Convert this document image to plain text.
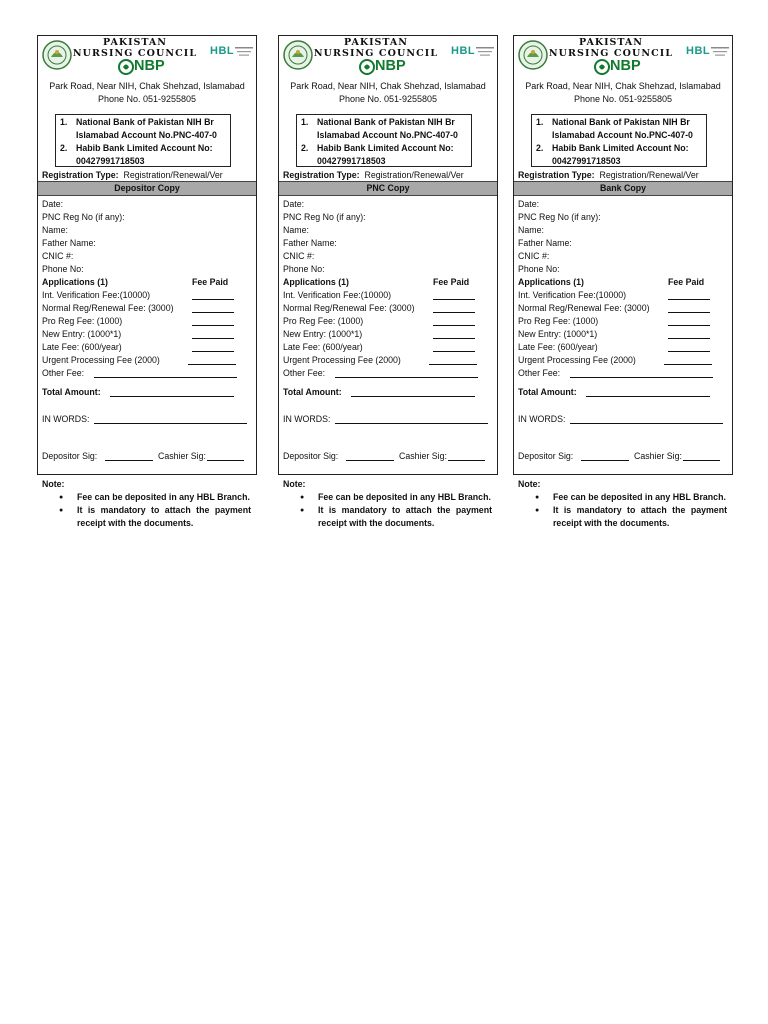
PAKISTAN
NURSING COUNCIL HBL
NBP
Park Road, Near NIH, Chak Shehzad, Islamabad
Phone No. 051-9255805
1. National Bank of Pakistan NIH Br Islamabad Account No.PNC-407-0
2. Habib Bank Limited Account No: 00427991718503
Registration Type: Registration/Renewal/Ver
Depositor Copy
Date:
PNC Reg No (if any):
Name:
Father Name:
CNIC #:
Phone No:
Applications (1)	Fee Paid
Int. Verification Fee:(10000)
Normal Reg/Renewal Fee: (3000)
Pro Reg Fee: (1000)
New Entry: (1000*1)
Late Fee: (600/year)
Urgent Processing Fee (2000)
Other Fee:
Total Amount:
IN WORDS:
Depositor Sig:	Cashier Sig:
Note:
● Fee can be deposited in any HBL Branch.
● It is mandatory to attach the payment receipt with the documents.
PAKISTAN
NURSING COUNCIL HBL
NBP
Park Road, Near NIH, Chak Shehzad, Islamabad
Phone No. 051-9255805
1. National Bank of Pakistan NIH Br Islamabad Account No.PNC-407-0
2. Habib Bank Limited Account No: 00427991718503
Registration Type: Registration/Renewal/Ver
PNC Copy
Date:
PNC Reg No (if any):
Name:
Father Name:
CNIC #:
Phone No:
Applications (1)	Fee Paid
Int. Verification Fee:(10000)
Normal Reg/Renewal Fee: (3000)
Pro Reg Fee: (1000)
New Entry: (1000*1)
Late Fee: (600/year)
Urgent Processing Fee (2000)
Other Fee:
Total Amount:
IN WORDS:
Depositor Sig:	Cashier Sig:
Note:
● Fee can be deposited in any HBL Branch.
● It is mandatory to attach the payment receipt with the documents.
PAKISTAN
NURSING COUNCIL HBL
NBP
Park Road, Near NIH, Chak Shehzad, Islamabad
Phone No. 051-9255805
1. National Bank of Pakistan NIH Br Islamabad Account No.PNC-407-0
2. Habib Bank Limited Account No: 00427991718503
Registration Type: Registration/Renewal/Ver
Bank Copy
Date:
PNC Reg No (if any):
Name:
Father Name:
CNIC #:
Phone No:
Applications (1)	Fee Paid
Int. Verification Fee:(10000)
Normal Reg/Renewal Fee: (3000)
Pro Reg Fee: (1000)
New Entry: (1000*1)
Late Fee: (600/year)
Urgent Processing Fee (2000)
Other Fee:
Total Amount:
IN WORDS:
Depositor Sig:	Cashier Sig:
Note:
● Fee can be deposited in any HBL Branch.
● It is mandatory to attach the payment receipt with the documents.
